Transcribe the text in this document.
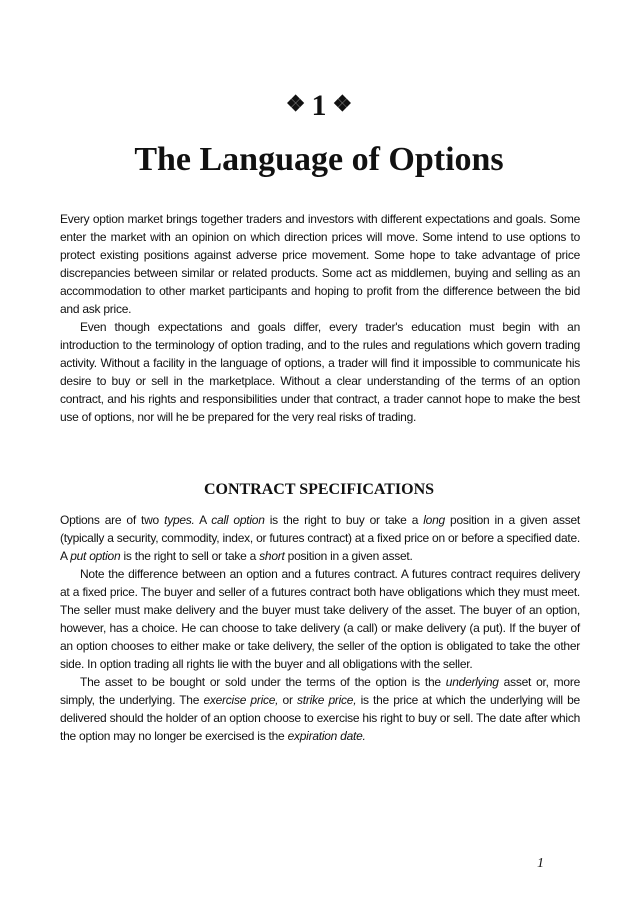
❖ 1 ❖
The Language of Options

Every option market brings together traders and investors with different expectations and goals. Some enter the market with an opinion on which direction prices will move. Some intend to use options to protect existing positions against adverse price movement. Some hope to take advantage of price discrepancies between similar or related products. Some act as middlemen, buying and selling as an accommodation to other market participants and hoping to profit from the difference between the bid and ask price.

Even though expectations and goals differ, every trader's education must begin with an introduction to the terminology of option trading, and to the rules and regulations which govern trading activity. Without a facility in the language of options, a trader will find it impossible to communicate his desire to buy or sell in the marketplace. Without a clear understanding of the terms of an option contract, and his rights and responsibilities under that contract, a trader cannot hope to make the best use of options, nor will he be prepared for the very real risks of trading.

CONTRACT SPECIFICATIONS

Options are of two types. A call option is the right to buy or take a long position in a given asset (typically a security, commodity, index, or futures contract) at a fixed price on or before a specified date. A put option is the right to sell or take a short position in a given asset.

Note the difference between an option and a futures contract. A futures contract requires delivery at a fixed price. The buyer and seller of a futures contract both have obligations which they must meet. The seller must make delivery and the buyer must take delivery of the asset. The buyer of an option, however, has a choice. He can choose to take delivery (a call) or make delivery (a put). If the buyer of an option chooses to either make or take delivery, the seller of the option is obligated to take the other side. In option trading all rights lie with the buyer and all obligations with the seller.

The asset to be bought or sold under the terms of the option is the underlying asset or, more simply, the underlying. The exercise price, or strike price, is the price at which the underlying will be delivered should the holder of an option choose to exercise his right to buy or sell. The date after which the option may no longer be exercised is the expiration date.

1
